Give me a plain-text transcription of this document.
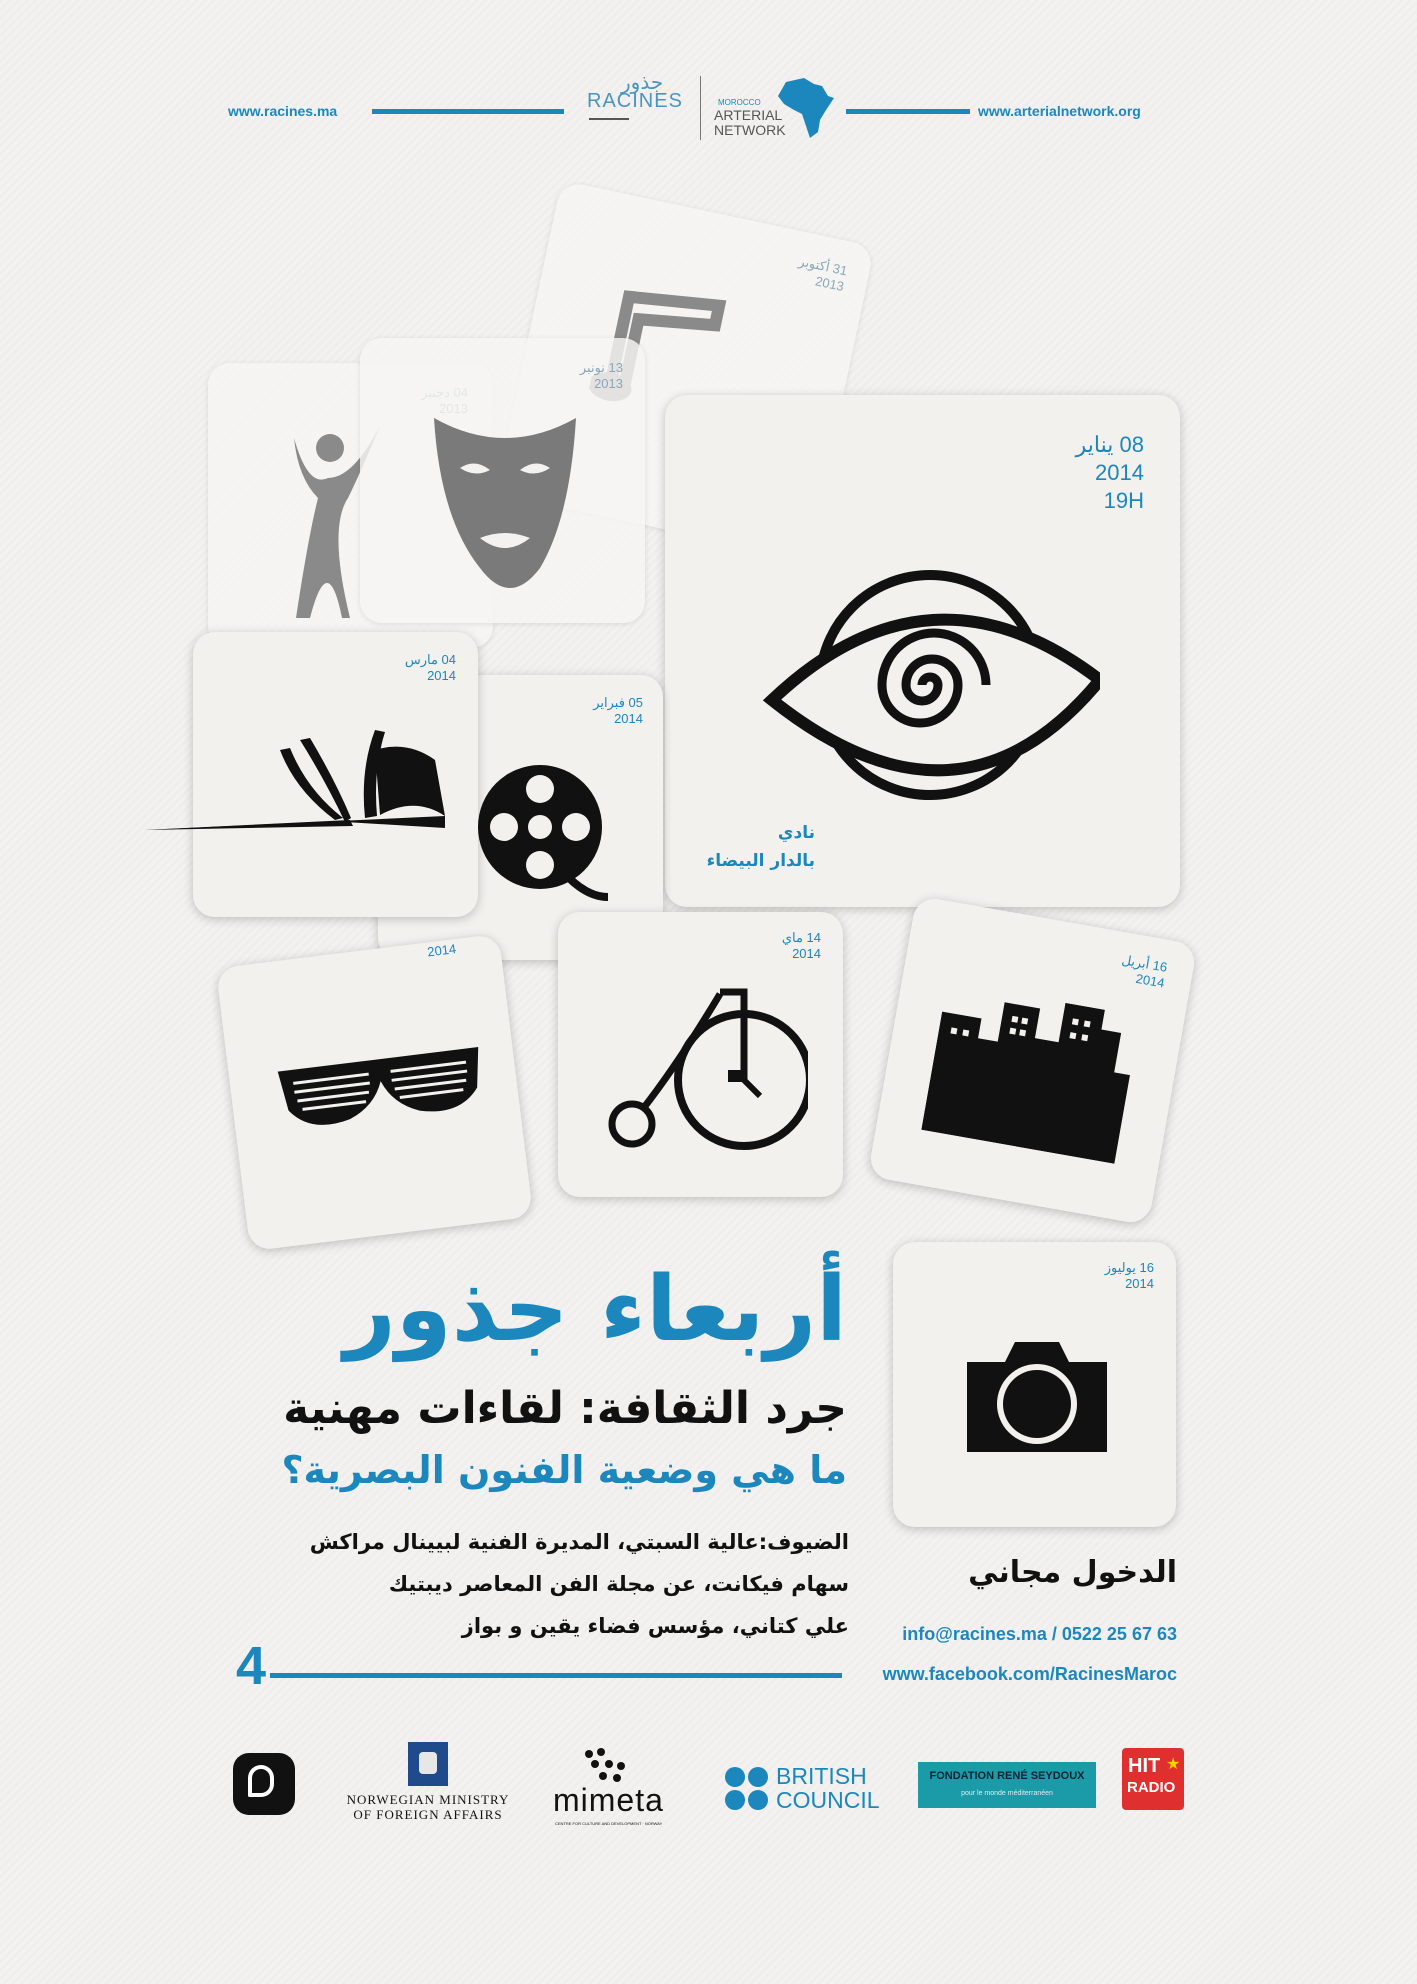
www.racines.ma	www.arterialnetwork.org
جذور
RACINES	MOROCCO
ARTERIAL
NETWORK
31 أكتوبر
2013
13 نونبر
2013
08 يناير
2014
19H
نادي
بالدار البيضاء
05 فبراير
2014
04 مارس
2014
2014
14 ماي
2014	16 أبريل
2014
16 يوليوز
2014
أربعاء جذور
جرد الثقافة: لقاءات مهنية
ما هي وضعية الفنون البصرية؟
الضيوف:عالية السبتي، المديرة الفنية لبيينال مراكش
سهام فيكانت، عن مجلة الفن المعاصر ديبتيك
علي كتاني، مؤسس فضاء يقين و بواز
الدخول مجاني
info@racines.ma / 0522 25 67 63
4	www.facebook.com/RacinesMaroc
NORWEGIAN MINISTRY
OF FOREIGN AFFAIRS	mimeta
CENTRE FOR CULTURE AND DEVELOPMENT · NORWAY
BRITISH
COUNCIL
FONDATION RENÉ SEYDOUX
pour le monde méditerranéen
HIT ★
RADIO
